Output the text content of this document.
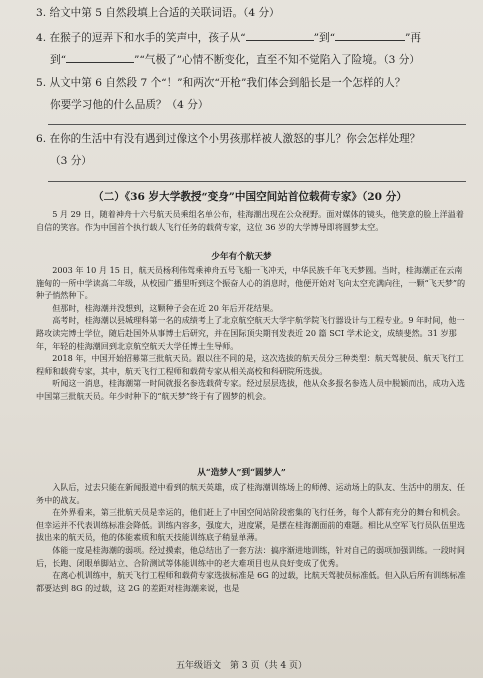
3. 给文中第 5 自然段填上合适的关联词语。（4 分）
4. 在猴子的逗弄下和水手的笑声中，孩子从“	”到“	”再
到“	”“气极了”心情不断变化，直至不知不觉陷入了险境。（3 分）
5. 从文中第 6 自然段 7 个“！”和两次“开枪”我们体会到船长是一个怎样的人？
你要学习他的什么品质？（4 分）
6. 在你的生活中有没有遇到过像这个小男孩那样被人激怒的事儿？你会怎样处理？
（3 分）
（二）《36 岁大学教授“变身”中国空间站首位载荷专家》（20 分）

5 月 29 日，随着神舟十六号航天员乘组名单公布，桂海潮出现在公众视野。面对媒体的镜头，他笑意的脸上洋溢着自信的笑容。作为中国首个执行载人飞行任务的载荷专家，这位 36 岁的大学博导即将圆梦太空。

少年有个航天梦

2003 年 10 月 15 日，航天员杨利伟驾乘神舟五号飞船一飞冲天，中华民族千年飞天梦圆。当时，桂海潮正在云南施甸的一所中学读高二年级，从校园广播里听到这个振奋人心的消息时，他便开始对飞向太空充满向往，一颗“飞天梦”的种子悄然种下。

但那时，桂海潮并没想到，这颗种子会在近 20 年后开花结果。

高考时，桂海潮以县城理科第一名的成绩考上了北京航空航天大学宇航学院飞行器设计与工程专业。9 年时间，他一路攻读完博士学位，随后赴国外从事博士后研究，并在国际顶尖期刊发表近 20 篇 SCI 学术论文，成绩斐然。31 岁那年，年轻的桂海潮回到北京航空航天大学任博士生导师。

2018 年，中国开始招募第三批航天员。跟以往不同的是，这次选拔的航天员分三种类型：航天驾驶员、航天飞行工程师和载荷专家，其中，航天飞行工程师和载荷专家从相关高校和科研院所选拔。

听闻这一消息，桂海潮第一时间就报名参选载荷专家。经过层层选拔，他从众多报名参选人员中脱颖而出，成功入选中国第三批航天员。年少时种下的“航天梦”终于有了圆梦的机会。

从“造梦人”到“圆梦人”

入队后，过去只能在新闻报道中看到的航天英雄，成了桂海潮训练场上的师傅、运动场上的队友、生活中的朋友、任务中的战友。

在外界看来，第三批航天员是幸运的，他们赶上了中国空间站阶段密集的飞行任务，每个人都有充分的舞台和机会。但幸运并不代表训练标准会降低。训练内容多，强度大，进度紧，是摆在桂海潮面前的难题。相比从空军飞行员队伍里选拔出来的航天员，他的体能素质和航天技能训练底子稍显单薄。

体能一度是桂海潮的弱项。经过摸索，他总结出了一套方法：搞序渐进地训练，针对自己的弱项加强训练。一段时间后，长跑、闭眼单脚站立、合阶测试等体能训练中的老大难项目也从良好变成了优秀。

在离心机训练中，航天飞行工程师和载荷专家选拔标准是 6G 的过载，比航天驾驶员标准低。但入队后所有训练标准都要达到 8G 的过载，这 2G 的差距对桂海潮来说，也是

五年级语文　第 3 页（共 4 页）
